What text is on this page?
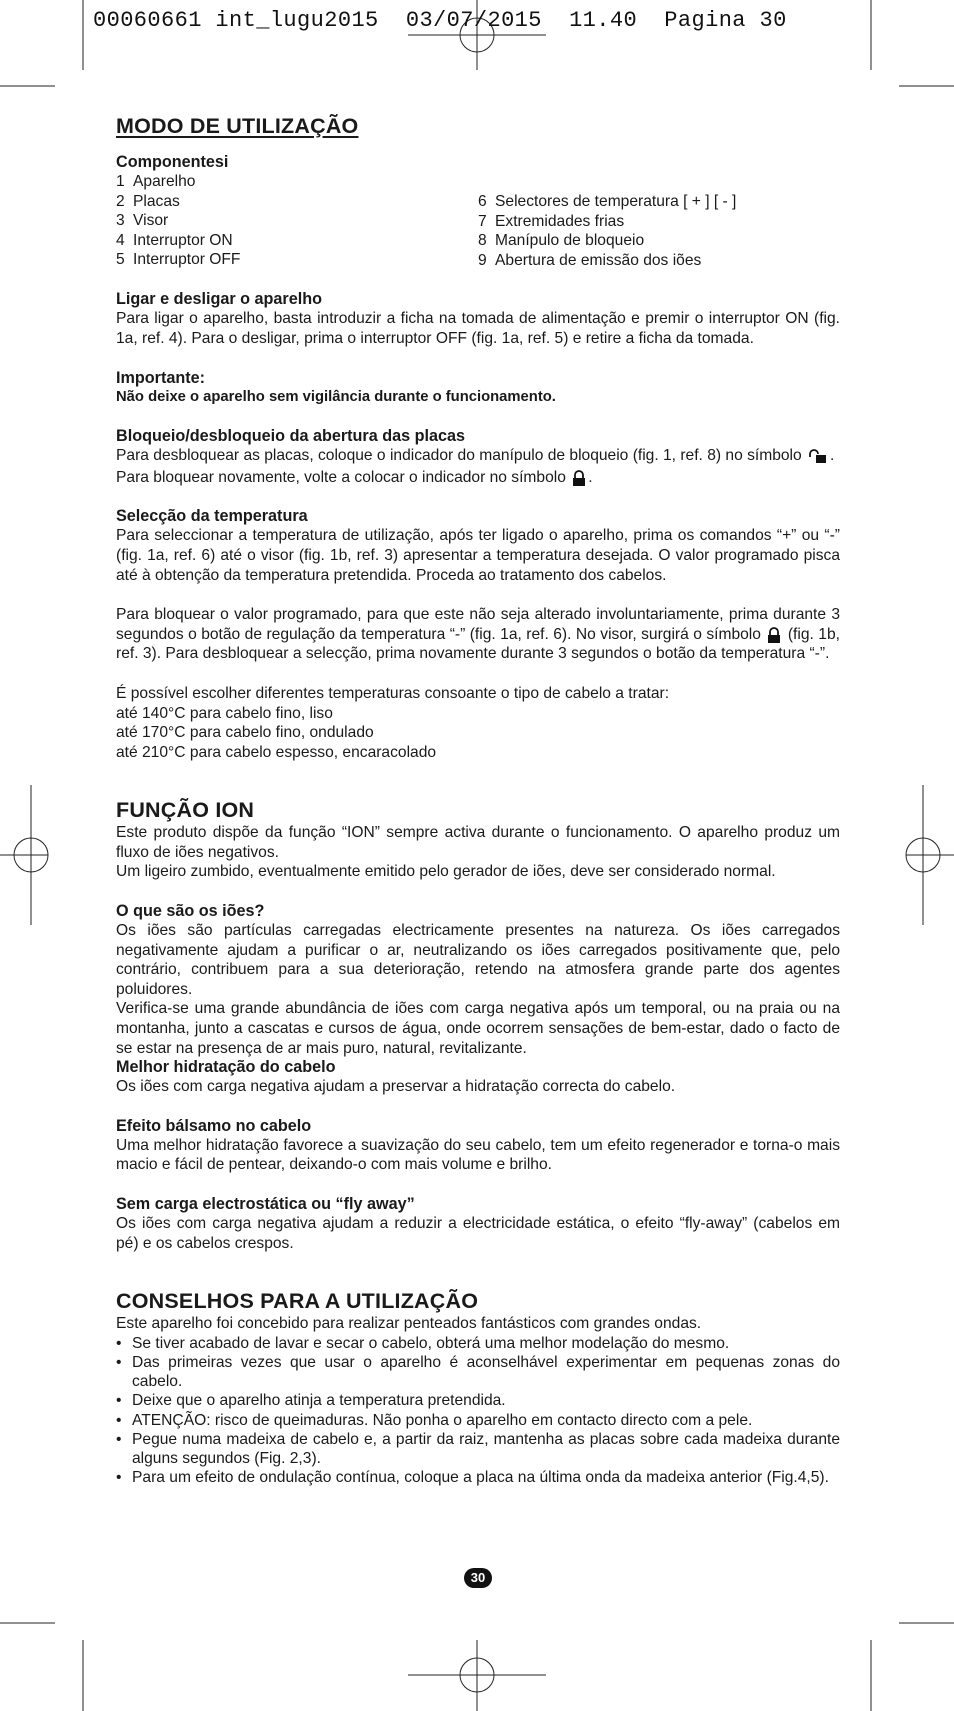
00060661 int_lugu2015  03/07/2015  11.40  Pagina 30
MODO DE UTILIZAÇÃO
Componentesi
1 Aparelho
2 Placas
3 Visor
4 Interruptor ON
5 Interruptor OFF
6 Selectores de temperatura [ + ] [ - ]
7 Extremidades frias
8 Manípulo de bloqueio
9 Abertura de emissão dos iões
Ligar e desligar o aparelho

Para ligar o aparelho, basta introduzir a ficha na tomada de alimentação e premir o interruptor ON (fig. 1a, ref. 4). Para o desligar, prima o interruptor OFF (fig. 1a, ref. 5) e retire a ficha da tomada.

Importante:

Não deixe o aparelho sem vigilância durante o funcionamento.

Bloqueio/desbloqueio da abertura das placas

Para desbloquear as placas, coloque o indicador do manípulo de bloqueio (fig. 1, ref. 8) no símbolo .

Para bloquear novamente, volte a colocar o indicador no símbolo .

Selecção da temperatura

Para seleccionar a temperatura de utilização, após ter ligado o aparelho, prima os comandos “+” ou “-” (fig. 1a, ref. 6) até o visor (fig. 1b, ref. 3) apresentar a temperatura desejada. O valor programado pisca até à obtenção da temperatura pretendida. Proceda ao tratamento dos cabelos.

Para bloquear o valor programado, para que este não seja alterado involuntariamente, prima durante 3 segundos o botão de regulação da temperatura “-” (fig. 1a, ref. 6). No visor, surgirá o símbolo (fig. 1b, ref. 3). Para desbloquear a selecção, prima novamente durante 3 segundos o botão da temperatura “-”.

É possível escolher diferentes temperaturas consoante o tipo de cabelo a tratar:

até 140°C para cabelo fino, liso

até 170°C para cabelo fino, ondulado

até 210°C para cabelo espesso, encaracolado

FUNÇÃO ION

Este produto dispõe da função “ION” sempre activa durante o funcionamento. O aparelho produz um fluxo de iões negativos.

Um ligeiro zumbido, eventualmente emitido pelo gerador de iões, deve ser considerado normal.

O que são os iões?

Os iões são partículas carregadas electricamente presentes na natureza. Os iões carregados negativamente ajudam a purificar o ar, neutralizando os iões carregados positivamente que, pelo contrário, contribuem para a sua deterioração, retendo na atmosfera grande parte dos agentes poluidores.

Verifica-se uma grande abundância de iões com carga negativa após um temporal, ou na praia ou na montanha, junto a cascatas e cursos de água, onde ocorrem sensações de bem-estar, dado o facto de se estar na presença de ar mais puro, natural, revitalizante.

Melhor hidratação do cabelo

Os iões com carga negativa ajudam a preservar a hidratação correcta do cabelo.

Efeito bálsamo no cabelo

Uma melhor hidratação favorece a suavização do seu cabelo, tem um efeito regenerador e torna-o mais macio e fácil de pentear, deixando-o com mais volume e brilho.

Sem carga electrostática ou “fly away”

Os iões com carga negativa ajudam a reduzir a electricidade estática, o efeito “fly-away” (cabelos em pé) e os cabelos crespos.

CONSELHOS PARA A UTILIZAÇÃO

Este aparelho foi concebido para realizar penteados fantásticos com grandes ondas.

• Se tiver acabado de lavar e secar o cabelo, obterá uma melhor modelação do mesmo.
• Das primeiras vezes que usar o aparelho é aconselhável experimentar em pequenas zonas do cabelo.
• Deixe que o aparelho atinja a temperatura pretendida.
• ATENÇÃO: risco de queimaduras. Não ponha o aparelho em contacto directo com a pele.
• Pegue numa madeixa de cabelo e, a partir da raiz, mantenha as placas sobre cada madeixa durante alguns segundos (Fig. 2,3).
• Para um efeito de ondulação contínua, coloque a placa na última onda da madeixa anterior (Fig.4,5).
30
